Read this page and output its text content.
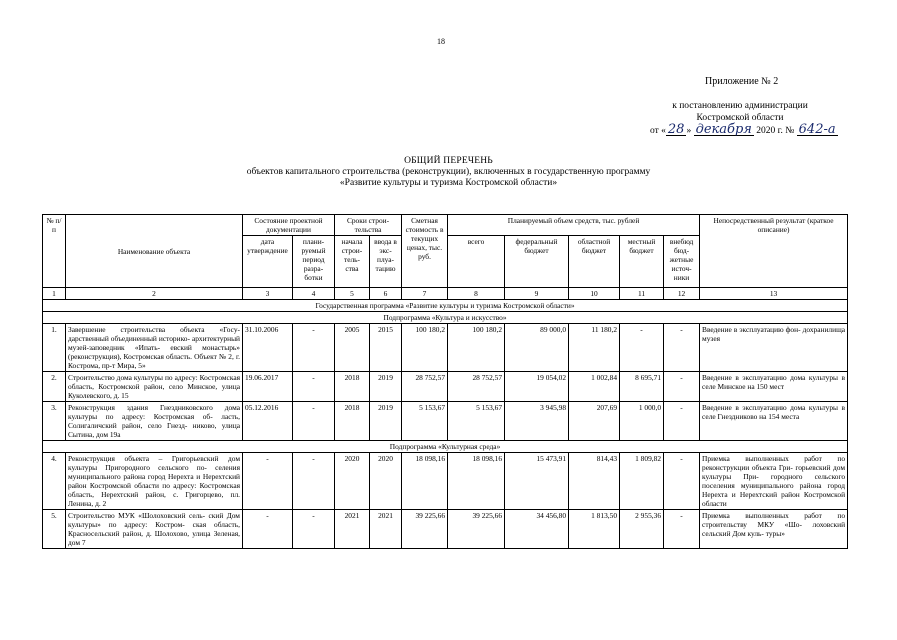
18
Приложение № 2
к постановлению администрации
Костромской области
от « 28 » декабря 2020 г. № 642-а
ОБЩИЙ ПЕРЕЧЕНЬ
объектов капитального строительства (реконструкции), включенных в государственную программу
«Развитие культуры и туризма Костромской области»
№ п/п	Наименование объекта	Состояние проектной документации		Сроки строи- тельства		Сметная стоимость в текущих ценах, тыс. руб.	Планируемый объем средств, тыс. рублей					Непосредственный результат (краткое описание)
		дата утверждение	плани- руемый период разра- ботки	начала строи- тель- ства	ввода в экс- плуа- тацию		всего	федеральный бюджет	областной бюджет	местный бюджет	внебюд бюд- жетные источ- ники	
1	2	3	4	5	6	7	8	9	10	11	12	13
Государственная программа «Развитие культуры и туризма Костромской области»												
Подпрограмма «Культура и искусство»												
1.	Завершение строительства объекта «Госу- дарственный объединенный историко- архитектурный музей-заповедник «Ипать- евский монастырь» (реконструкция), Костромская область. Объект № 2, г. Кострома, пр-т Мира, 5»	31.10.2006	-	2005	2015	100 180,2	100 180,2	89 000,0	11 180,2	-	-	Введение в эксплуатацию фон- дохранилища музея
2.	Строительство дома культуры по адресу: Костромская область, Костромской район, село Минское, улица Куколевского, д. 15	19.06.2017	-	2018	2019	28 752,57	28 752,57	19 054,02	1 002,84	8 695,71	-	Введение в эксплуатацию дома культуры в селе Минское на 150 мест
3.	Реконструкция здания Гнездниковского дома культуры по адресу: Костромская об- ласть, Солигаличский район, село Гнезд- никово, улица Сытина, дом 19а	05.12.2016	-	2018	2019	5 153,67	5 153,67	3 945,98	207,69	1 000,0	-	Введение в эксплуатацию дома культуры в селе Гнездниково на 154 места
Подпрограмма «Культурная среда»												
4.	Реконструкция объекта – Григорьевский дом культуры Пригородного сельского по- селения муниципального района город Нерехта и Нерехтский район Костромской области по адресу: Костромская область, Нерехтский район, с. Григорцево, пл. Ленина, д. 2	-	-	2020	2020	18 098,16	18 098,16	15 473,91	814,43	1 809,82	-	Приемка выполненных работ по реконструкции объекта Гри- горьевский дом культуры При- городного сельского поселения муниципального района город Нерехта и Нерехтский район Костромской области
5.	Строительство МУК «Шолоховский сель- ский Дом культуры» по адресу: Костром- ская область, Красносельский район, д. Шолохово, улица Зеленая, дом 7	-	-	2021	2021	39 225,66	39 225,66	34 456,80	1 813,50	2 955,36	-	Приемка выполненных работ по строительству МКУ «Шо- лоховский сельский Дом куль- туры»
